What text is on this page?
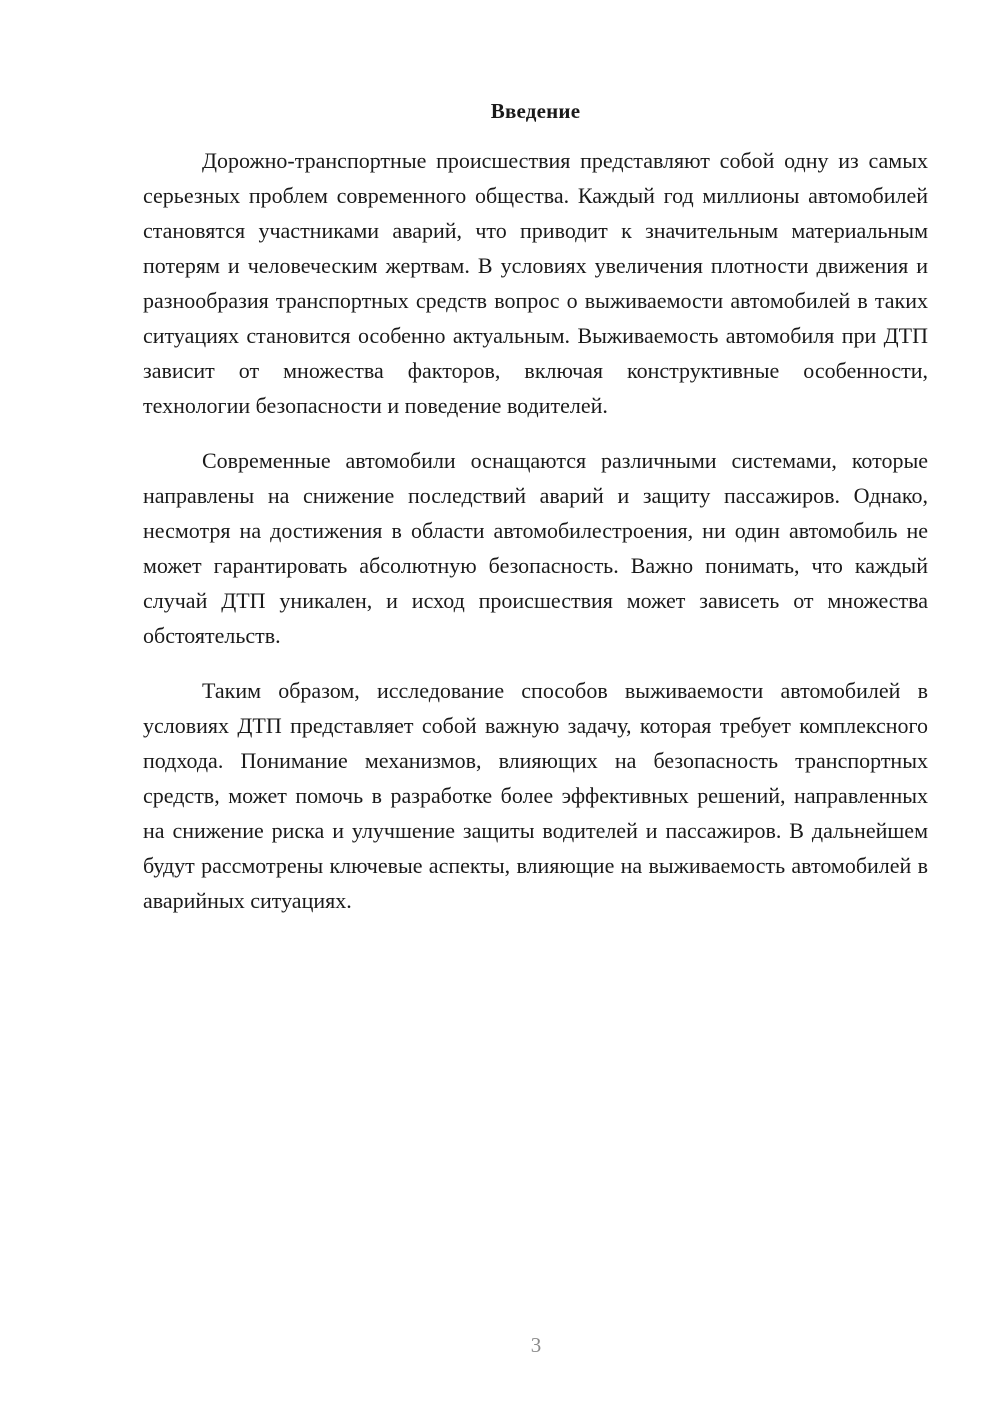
Введение

Дорожно-транспортные происшествия представляют собой одну из самых серьезных проблем современного общества. Каждый год миллионы автомобилей становятся участниками аварий, что приводит к значительным материальным потерям и человеческим жертвам. В условиях увеличения плотности движения и разнообразия транспортных средств вопрос о выживаемости автомобилей в таких ситуациях становится особенно актуальным. Выживаемость автомобиля при ДТП зависит от множества факторов, включая конструктивные особенности, технологии безопасности и поведение водителей.

Современные автомобили оснащаются различными системами, которые направлены на снижение последствий аварий и защиту пассажиров. Однако, несмотря на достижения в области автомобилестроения, ни один автомобиль не может гарантировать абсолютную безопасность. Важно понимать, что каждый случай ДТП уникален, и исход происшествия может зависеть от множества обстоятельств.

Таким образом, исследование способов выживаемости автомобилей в условиях ДТП представляет собой важную задачу, которая требует комплексного подхода. Понимание механизмов, влияющих на безопасность транспортных средств, может помочь в разработке более эффективных решений, направленных на снижение риска и улучшение защиты водителей и пассажиров. В дальнейшем будут рассмотрены ключевые аспекты, влияющие на выживаемость автомобилей в аварийных ситуациях.

3
